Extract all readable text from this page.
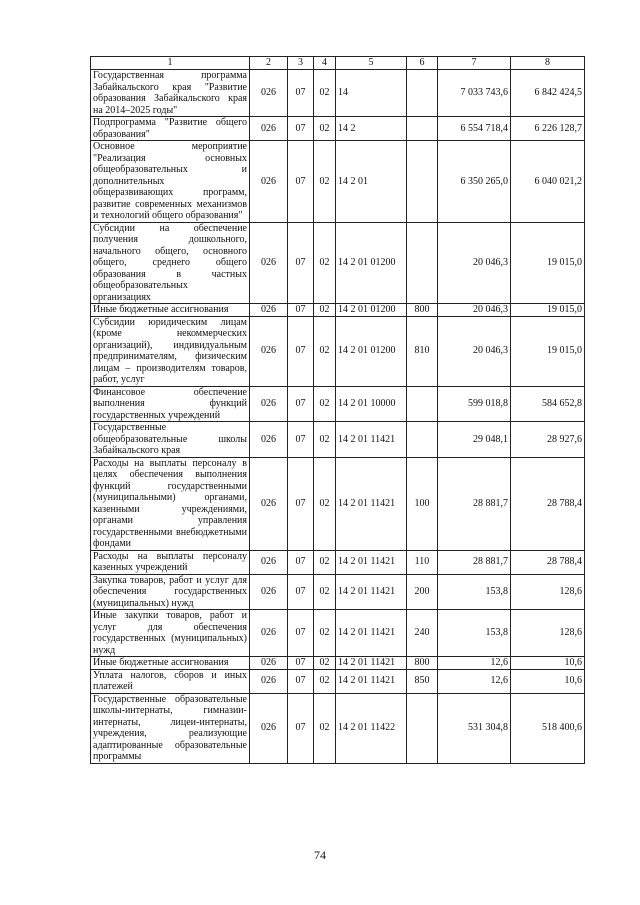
1	2	3	4	5	6	7	8
Государственная программа Забайкальского края "Развитие образования Забайкальского края на 2014–2025 годы"	026	07	02	14		7 033 743,6	6 842 424,5
Подпрограмма "Развитие общего образования"	026	07	02	14 2		6 554 718,4	6 226 128,7
Основное мероприятие "Реализация основных общеобразовательных и дополнительных общеразвивающих программ, развитие современных механизмов и технологий общего образования"	026	07	02	14 2 01		6 350 265,0	6 040 021,2
Субсидии на обеспечение получения дошкольного, начального общего, основного общего, среднего общего образования в частных общеобразовательных организациях	026	07	02	14 2 01 01200		20 046,3	19 015,0
Иные бюджетные ассигнования	026	07	02	14 2 01 01200	800	20 046,3	19 015,0
Субсидии юридическим лицам (кроме некоммерческих организаций), индивидуальным предпринимателям, физическим лицам – производителям товаров, работ, услуг	026	07	02	14 2 01 01200	810	20 046,3	19 015,0
Финансовое обеспечение выполнения функций государственных учреждений	026	07	02	14 2 01 10000		599 018,8	584 652,8
Государственные общеобразовательные школы Забайкальского края	026	07	02	14 2 01 11421		29 048,1	28 927,6
Расходы на выплаты персоналу в целях обеспечения выполнения функций государственными (муниципальными) органами, казенными учреждениями, органами управления государственными внебюджетными фондами	026	07	02	14 2 01 11421	100	28 881,7	28 788,4
Расходы на выплаты персоналу казенных учреждений	026	07	02	14 2 01 11421	110	28 881,7	28 788,4
Закупка товаров, работ и услуг для обеспечения государственных (муниципальных) нужд	026	07	02	14 2 01 11421	200	153,8	128,6
Иные закупки товаров, работ и услуг для обеспечения государственных (муниципальных) нужд	026	07	02	14 2 01 11421	240	153,8	128,6
Иные бюджетные ассигнования	026	07	02	14 2 01 11421	800	12,6	10,6
Уплата налогов, сборов и иных платежей	026	07	02	14 2 01 11421	850	12,6	10,6
Государственные образовательные школы-интернаты, гимназии-интернаты, лицеи-интернаты, учреждения, реализующие адаптированные образовательные программы	026	07	02	14 2 01 11422		531 304,8	518 400,6
74
